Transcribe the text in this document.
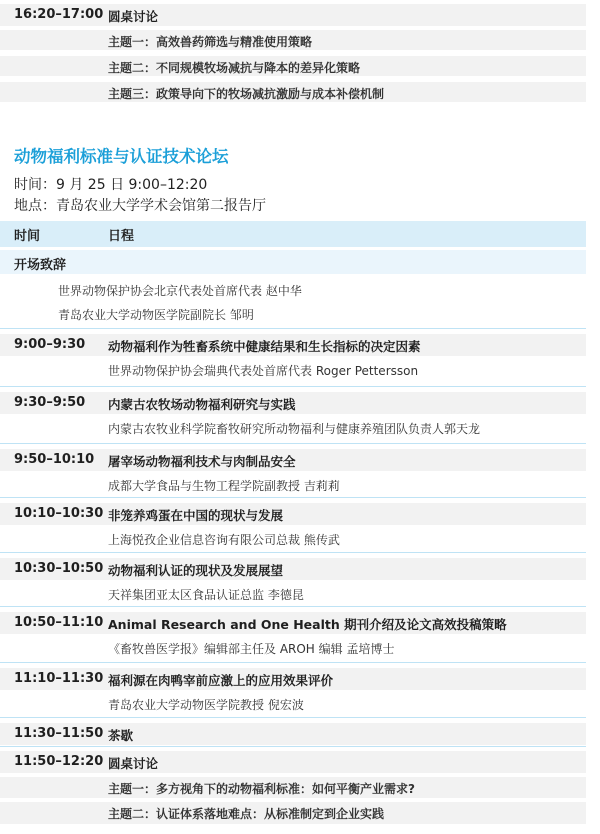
16:20–17:00 圆桌讨论
主题一：高效兽药筛选与精准使用策略
主题二：不同规模牧场减抗与降本的差异化策略
主题三：政策导向下的牧场减抗激励与成本补偿机制
动物福利标准与认证技术论坛
时间：9 月 25 日 9:00–12:20
地点：青岛农业大学学术会馆第二报告厅
时间	日程
开场致辞
世界动物保护协会北京代表处首席代表 赵中华
青岛农业大学动物医学院副院长 邹明
9:00–9:30 动物福利作为牲畜系统中健康结果和生长指标的决定因素
世界动物保护协会瑞典代表处首席代表 Roger Pettersson
9:30–9:50 内蒙古农牧场动物福利研究与实践
内蒙古农牧业科学院畜牧研究所动物福利与健康养殖团队负责人郭天龙
9:50–10:10 屠宰场动物福利技术与肉制品安全
成都大学食品与生物工程学院副教授 吉莉莉
10:10–10:30 非笼养鸡蛋在中国的现状与发展
上海悦孜企业信息咨询有限公司总裁 熊传武
10:30–10:50 动物福利认证的现状及发展展望
天祥集团亚太区食品认证总监 李德昆
10:50–11:10 Animal Research and One Health 期刊介绍及论文高效投稿策略
《畜牧兽医学报》编辑部主任及 AROH 编辑 孟培博士
11:10–11:30 福利源在肉鸭宰前应激上的应用效果评价
青岛农业大学动物医学院教授 倪宏波
11:30–11:50 茶歇
11:50–12:20 圆桌讨论
主题一：多方视角下的动物福利标准：如何平衡产业需求?
主题二：认证体系落地难点：从标准制定到企业实践
